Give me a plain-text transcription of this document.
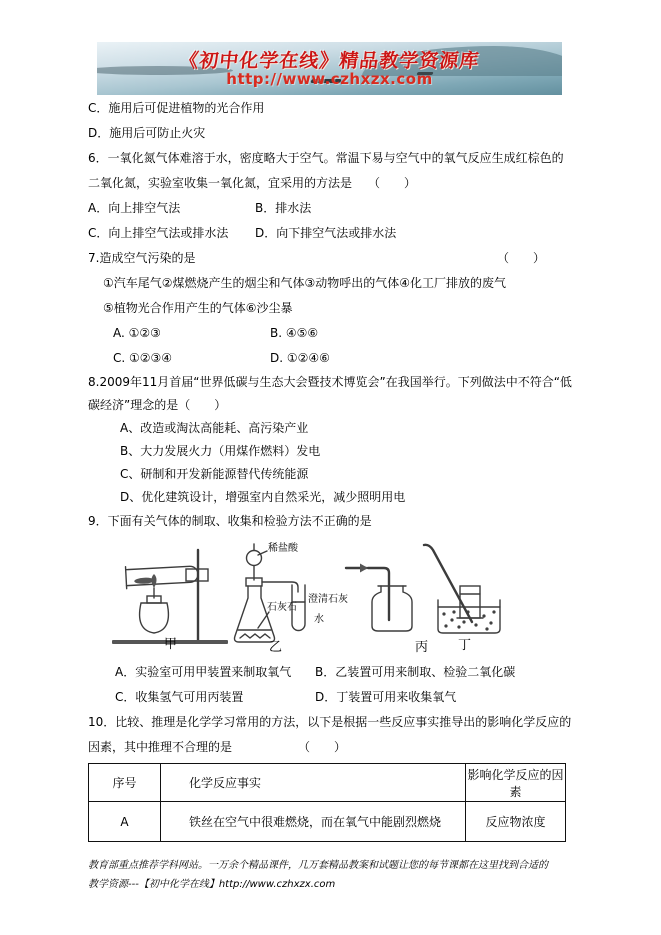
《初中化学在线》精品教学资源库
http://www.czhxzx.com
C．施用后可促进植物的光合作用
D．施用后可防止火灾
6．一氧化氮气体难溶于水，密度略大于空气。常温下易与空气中的氧气反应生成红棕色的
二氧化氮，实验室收集一氧化氮，宜采用的方法是 （　　）
A．向上排空气法	B．排水法
C．向上排空气法或排水法	D．向下排空气法或排水法
7.造成空气污染的是	（　　）
①汽车尾气②煤燃烧产生的烟尘和气体③动物呼出的气体④化工厂排放的废气
⑤植物光合作用产生的气体⑥沙尘暴
A. ①②③	B. ④⑤⑥
C. ①②③④	D. ①②④⑥
8.2009年11月首届“世界低碳与生态大会暨技术博览会”在我国举行。下列做法中不符合“低
碳经济”理念的是（　　）
A、改造或淘汰高能耗、高污染产业
B、大力发展火力（用煤作燃料）发电
C、研制和开发新能源替代传统能源
D、优化建筑设计，增强室内自然采光，减少照明用电
9．下面有关气体的制取、收集和检验方法不正确的是
稀盐酸
石灰石
澄清石灰
水
甲	乙	丙 丁
A．实验室可用甲装置来制取氧气	B．乙装置可用来制取、检验二氧化碳
C．收集氢气可用丙装置	D．丁装置可用来收集氧气
10．比较、推理是化学学习常用的方法，以下是根据一些反应事实推导出的影响化学反应的
因素，其中推理不合理的是	（　　）
序号	化学反应事实	影响化学反应的因素
A	铁丝在空气中很难燃烧，而在氧气中能剧烈燃烧	反应物浓度
教育部重点推荐学科网站。一万余个精品课件，几万套精品教案和试题让您的每节课都在这里找到合适的
教学资源---【初中化学在线】http://www.czhxzx.com
